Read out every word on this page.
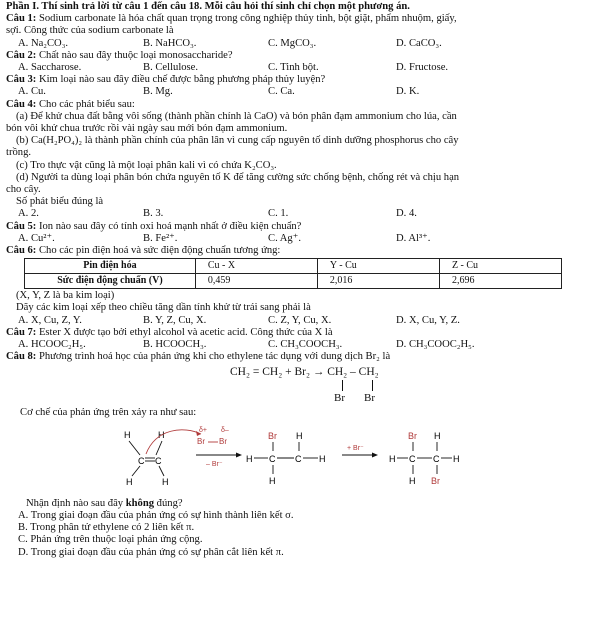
Phần I. Thí sinh trả lời từ câu 1 đến câu 18. Mỗi câu hỏi thí sinh chỉ chọn một phương án.
Câu 1: Sodium carbonate là hóa chất quan trọng trong công nghiệp thủy tinh, bột giặt, phẩm nhuộm, giấy,
sợi. Công thức của sodium carbonate là
A. Na₂CO₃.	B. NaHCO₃.	C. MgCO₃.	D. CaCO₃.
Câu 2: Chất nào sau đây thuộc loại monosaccharide?
A. Saccharose.	B. Cellulose.	C. Tinh bột.	D. Fructose.
Câu 3: Kim loại nào sau đây điều chế được bằng phương pháp thủy luyện?
A. Cu.	B. Mg.	C. Ca.	D. K.
Câu 4: Cho các phát biểu sau:
(a) Để khử chua đất bằng vôi sống (thành phần chính là CaO) và bón phân đạm ammonium cho lúa, cần
bón vôi khử chua trước rồi vài ngày sau mới bón đạm ammonium.
(b) Ca(H₂PO₄)₂ là thành phần chính của phân lân vì cung cấp nguyên tố dinh dưỡng phosphorus cho cây
trồng.
(c) Tro thực vật cũng là một loại phân kali vì có chứa K₂CO₃.
(d) Người ta dùng loại phân bón chứa nguyên tố K để tăng cường sức chống bệnh, chống rét và chịu hạn
cho cây.
Số phát biểu đúng là
A. 2.	B. 3.	C. 1.	D. 4.
Câu 5: Ion nào sau đây có tính oxi hoá mạnh nhất ở điều kiện chuẩn?
A. Cu²⁺.	B. Fe²⁺.	C. Ag⁺.	D. Al³⁺.
Câu 6: Cho các pin điện hoá và sức điện động chuẩn tương ứng:
Pin điện hóa	Cu - X	Y - Cu	Z - Cu
Sức điện động chuẩn (V)	0,459	2,016	2,696
(X, Y, Z là ba kim loại)
Dãy các kim loại xếp theo chiều tăng dần tính khử từ trái sang phải là
A. X, Cu, Z, Y.	B. Y, Z, Cu, X.	C. Z, Y, Cu, X.	D. X, Cu, Y, Z.
Câu 7: Ester X được tạo bởi ethyl alcohol và acetic acid. Công thức của X là
A. HCOOC₂H₅.	B. HCOOCH₃.	C. CH₃COOCH₃.	D. CH₃COOC₂H₅.
Câu 8: Phương trình hoá học của phản ứng khi cho ethylene tác dụng với dung dịch Br₂ là
CH₂ = CH₂ + Br₂ → CH₂ – CH₂
Br Br
Cơ chế của phản ứng trên xảy ra như sau:
H	H
C C
H	H
δ+ δ–
Br Br
– Br⁻
Br H
H C C H
H
+ Br⁻
Br H
H C C H
H Br
Nhận định nào sau đây không đúng?
A. Trong giai đoạn đầu của phản ứng có sự hình thành liên kết σ.
B. Trong phân tử ethylene có 2 liên kết π.
C. Phản ứng trên thuộc loại phản ứng cộng.
D. Trong giai đoạn đầu của phản ứng có sự phân cắt liên kết π.
